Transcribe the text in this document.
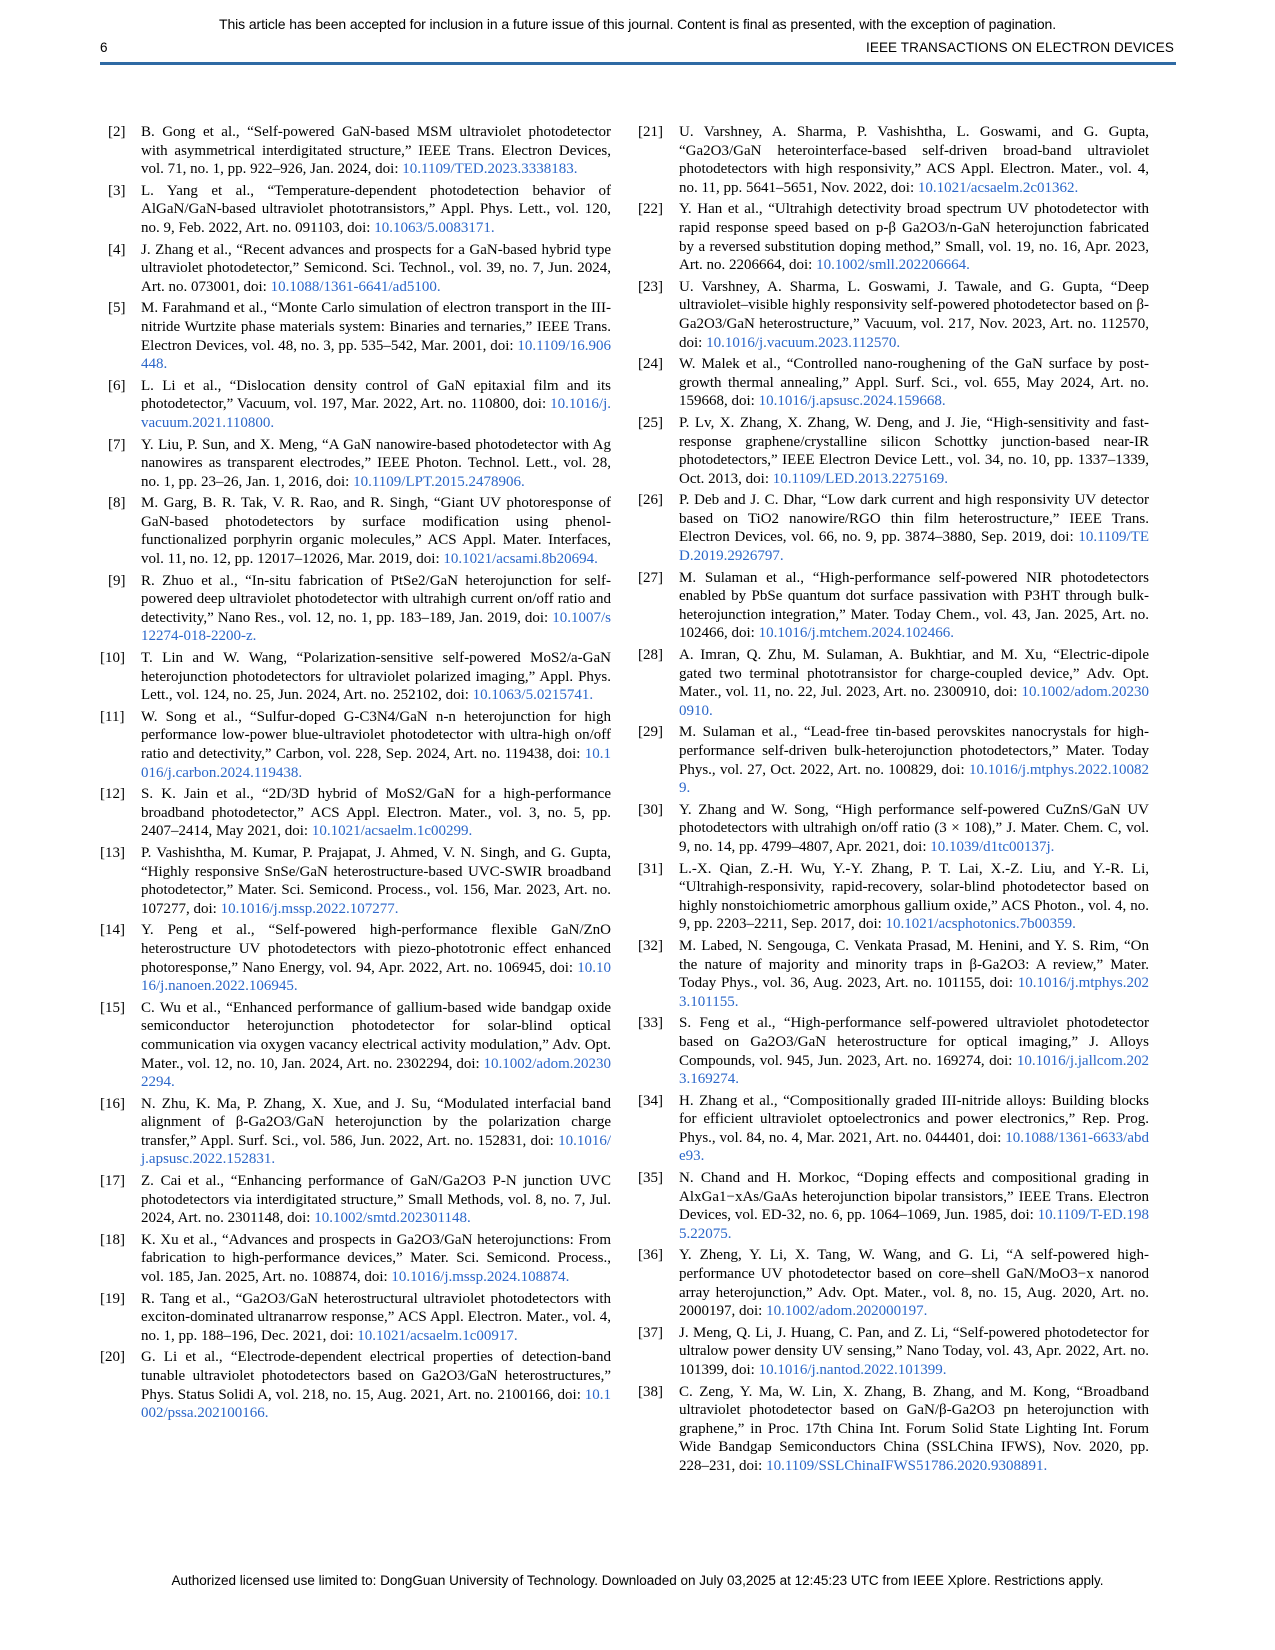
This article has been accepted for inclusion in a future issue of this journal. Content is final as presented, with the exception of pagination.
6	IEEE TRANSACTIONS ON ELECTRON DEVICES
[2] B. Gong et al., “Self-powered GaN-based MSM ultraviolet photodetector with asymmetrical interdigitated structure,” IEEE Trans. Electron Devices, vol. 71, no. 1, pp. 922–926, Jan. 2024, doi: 10.1109/TED.2023.3338183.
[3] L. Yang et al., “Temperature-dependent photodetection behavior of AlGaN/GaN-based ultraviolet phototransistors,” Appl. Phys. Lett., vol. 120, no. 9, Feb. 2022, Art. no. 091103, doi: 10.1063/5.0083171.
[4] J. Zhang et al., “Recent advances and prospects for a GaN-based hybrid type ultraviolet photodetector,” Semicond. Sci. Technol., vol. 39, no. 7, Jun. 2024, Art. no. 073001, doi: 10.1088/1361-6641/ad5100.
[5] M. Farahmand et al., “Monte Carlo simulation of electron transport in the III-nitride Wurtzite phase materials system: Binaries and ternaries,” IEEE Trans. Electron Devices, vol. 48, no. 3, pp. 535–542, Mar. 2001, doi: 10.1109/16.906448.
[6] L. Li et al., “Dislocation density control of GaN epitaxial film and its photodetector,” Vacuum, vol. 197, Mar. 2022, Art. no. 110800, doi: 10.1016/j.vacuum.2021.110800.
[7] Y. Liu, P. Sun, and X. Meng, “A GaN nanowire-based photodetector with Ag nanowires as transparent electrodes,” IEEE Photon. Technol. Lett., vol. 28, no. 1, pp. 23–26, Jan. 1, 2016, doi: 10.1109/LPT.2015.2478906.
[8] M. Garg, B. R. Tak, V. R. Rao, and R. Singh, “Giant UV photoresponse of GaN-based photodetectors by surface modification using phenol-functionalized porphyrin organic molecules,” ACS Appl. Mater. Interfaces, vol. 11, no. 12, pp. 12017–12026, Mar. 2019, doi: 10.1021/acsami.8b20694.
[9] R. Zhuo et al., “In-situ fabrication of PtSe2/GaN heterojunction for self-powered deep ultraviolet photodetector with ultrahigh current on/off ratio and detectivity,” Nano Res., vol. 12, no. 1, pp. 183–189, Jan. 2019, doi: 10.1007/s12274-018-2200-z.
[10] T. Lin and W. Wang, “Polarization-sensitive self-powered MoS2/a-GaN heterojunction photodetectors for ultraviolet polarized imaging,” Appl. Phys. Lett., vol. 124, no. 25, Jun. 2024, Art. no. 252102, doi: 10.1063/5.0215741.
[11] W. Song et al., “Sulfur-doped G-C3N4/GaN n-n heterojunction for high performance low-power blue-ultraviolet photodetector with ultra-high on/off ratio and detectivity,” Carbon, vol. 228, Sep. 2024, Art. no. 119438, doi: 10.1016/j.carbon.2024.119438.
[12] S. K. Jain et al., “2D/3D hybrid of MoS2/GaN for a high-performance broadband photodetector,” ACS Appl. Electron. Mater., vol. 3, no. 5, pp. 2407–2414, May 2021, doi: 10.1021/acsaelm.1c00299.
[13] P. Vashishtha, M. Kumar, P. Prajapat, J. Ahmed, V. N. Singh, and G. Gupta, “Highly responsive SnSe/GaN heterostructure-based UVC-SWIR broadband photodetector,” Mater. Sci. Semicond. Process., vol. 156, Mar. 2023, Art. no. 107277, doi: 10.1016/j.mssp.2022.107277.
[14] Y. Peng et al., “Self-powered high-performance flexible GaN/ZnO heterostructure UV photodetectors with piezo-phototronic effect enhanced photoresponse,” Nano Energy, vol. 94, Apr. 2022, Art. no. 106945, doi: 10.1016/j.nanoen.2022.106945.
[15] C. Wu et al., “Enhanced performance of gallium-based wide bandgap oxide semiconductor heterojunction photodetector for solar-blind optical communication via oxygen vacancy electrical activity modulation,” Adv. Opt. Mater., vol. 12, no. 10, Jan. 2024, Art. no. 2302294, doi: 10.1002/adom.202302294.
[16] N. Zhu, K. Ma, P. Zhang, X. Xue, and J. Su, “Modulated interfacial band alignment of β-Ga2O3/GaN heterojunction by the polarization charge transfer,” Appl. Surf. Sci., vol. 586, Jun. 2022, Art. no. 152831, doi: 10.1016/j.apsusc.2022.152831.
[17] Z. Cai et al., “Enhancing performance of GaN/Ga2O3 P-N junction UVC photodetectors via interdigitated structure,” Small Methods, vol. 8, no. 7, Jul. 2024, Art. no. 2301148, doi: 10.1002/smtd.202301148.
[18] K. Xu et al., “Advances and prospects in Ga2O3/GaN heterojunctions: From fabrication to high-performance devices,” Mater. Sci. Semicond. Process., vol. 185, Jan. 2025, Art. no. 108874, doi: 10.1016/j.mssp.2024.108874.
[19] R. Tang et al., “Ga2O3/GaN heterostructural ultraviolet photodetectors with exciton-dominated ultranarrow response,” ACS Appl. Electron. Mater., vol. 4, no. 1, pp. 188–196, Dec. 2021, doi: 10.1021/acsaelm.1c00917.
[20] G. Li et al., “Electrode-dependent electrical properties of detection-band tunable ultraviolet photodetectors based on Ga2O3/GaN heterostructures,” Phys. Status Solidi A, vol. 218, no. 15, Aug. 2021, Art. no. 2100166, doi: 10.1002/pssa.202100166.
[21] U. Varshney, A. Sharma, P. Vashishtha, L. Goswami, and G. Gupta, “Ga2O3/GaN heterointerface-based self-driven broad-band ultraviolet photodetectors with high responsivity,” ACS Appl. Electron. Mater., vol. 4, no. 11, pp. 5641–5651, Nov. 2022, doi: 10.1021/acsaelm.2c01362.
[22] Y. Han et al., “Ultrahigh detectivity broad spectrum UV photodetector with rapid response speed based on p-β Ga2O3/n-GaN heterojunction fabricated by a reversed substitution doping method,” Small, vol. 19, no. 16, Apr. 2023, Art. no. 2206664, doi: 10.1002/smll.202206664.
[23] U. Varshney, A. Sharma, L. Goswami, J. Tawale, and G. Gupta, “Deep ultraviolet–visible highly responsivity self-powered photodetector based on β-Ga2O3/GaN heterostructure,” Vacuum, vol. 217, Nov. 2023, Art. no. 112570, doi: 10.1016/j.vacuum.2023.112570.
[24] W. Malek et al., “Controlled nano-roughening of the GaN surface by post-growth thermal annealing,” Appl. Surf. Sci., vol. 655, May 2024, Art. no. 159668, doi: 10.1016/j.apsusc.2024.159668.
[25] P. Lv, X. Zhang, X. Zhang, W. Deng, and J. Jie, “High-sensitivity and fast-response graphene/crystalline silicon Schottky junction-based near-IR photodetectors,” IEEE Electron Device Lett., vol. 34, no. 10, pp. 1337–1339, Oct. 2013, doi: 10.1109/LED.2013.2275169.
[26] P. Deb and J. C. Dhar, “Low dark current and high responsivity UV detector based on TiO2 nanowire/RGO thin film heterostructure,” IEEE Trans. Electron Devices, vol. 66, no. 9, pp. 3874–3880, Sep. 2019, doi: 10.1109/TED.2019.2926797.
[27] M. Sulaman et al., “High-performance self-powered NIR photodetectors enabled by PbSe quantum dot surface passivation with P3HT through bulk-heterojunction integration,” Mater. Today Chem., vol. 43, Jan. 2025, Art. no. 102466, doi: 10.1016/j.mtchem.2024.102466.
[28] A. Imran, Q. Zhu, M. Sulaman, A. Bukhtiar, and M. Xu, “Electric-dipole gated two terminal phototransistor for charge-coupled device,” Adv. Opt. Mater., vol. 11, no. 22, Jul. 2023, Art. no. 2300910, doi: 10.1002/adom.202300910.
[29] M. Sulaman et al., “Lead-free tin-based perovskites nanocrystals for high-performance self-driven bulk-heterojunction photodetectors,” Mater. Today Phys., vol. 27, Oct. 2022, Art. no. 100829, doi: 10.1016/j.mtphys.2022.100829.
[30] Y. Zhang and W. Song, “High performance self-powered CuZnS/GaN UV photodetectors with ultrahigh on/off ratio (3 × 108),” J. Mater. Chem. C, vol. 9, no. 14, pp. 4799–4807, Apr. 2021, doi: 10.1039/d1tc00137j.
[31] L.-X. Qian, Z.-H. Wu, Y.-Y. Zhang, P. T. Lai, X.-Z. Liu, and Y.-R. Li, “Ultrahigh-responsivity, rapid-recovery, solar-blind photodetector based on highly nonstoichiometric amorphous gallium oxide,” ACS Photon., vol. 4, no. 9, pp. 2203–2211, Sep. 2017, doi: 10.1021/acsphotonics.7b00359.
[32] M. Labed, N. Sengouga, C. Venkata Prasad, M. Henini, and Y. S. Rim, “On the nature of majority and minority traps in β-Ga2O3: A review,” Mater. Today Phys., vol. 36, Aug. 2023, Art. no. 101155, doi: 10.1016/j.mtphys.2023.101155.
[33] S. Feng et al., “High-performance self-powered ultraviolet photodetector based on Ga2O3/GaN heterostructure for optical imaging,” J. Alloys Compounds, vol. 945, Jun. 2023, Art. no. 169274, doi: 10.1016/j.jallcom.2023.169274.
[34] H. Zhang et al., “Compositionally graded III-nitride alloys: Building blocks for efficient ultraviolet optoelectronics and power electronics,” Rep. Prog. Phys., vol. 84, no. 4, Mar. 2021, Art. no. 044401, doi: 10.1088/1361-6633/abde93.
[35] N. Chand and H. Morkoc, “Doping effects and compositional grading in AlxGa1−xAs/GaAs heterojunction bipolar transistors,” IEEE Trans. Electron Devices, vol. ED-32, no. 6, pp. 1064–1069, Jun. 1985, doi: 10.1109/T-ED.1985.22075.
[36] Y. Zheng, Y. Li, X. Tang, W. Wang, and G. Li, “A self-powered high-performance UV photodetector based on core–shell GaN/MoO3−x nanorod array heterojunction,” Adv. Opt. Mater., vol. 8, no. 15, Aug. 2020, Art. no. 2000197, doi: 10.1002/adom.202000197.
[37] J. Meng, Q. Li, J. Huang, C. Pan, and Z. Li, “Self-powered photodetector for ultralow power density UV sensing,” Nano Today, vol. 43, Apr. 2022, Art. no. 101399, doi: 10.1016/j.nantod.2022.101399.
[38] C. Zeng, Y. Ma, W. Lin, X. Zhang, B. Zhang, and M. Kong, “Broadband ultraviolet photodetector based on GaN/β-Ga2O3 pn heterojunction with graphene,” in Proc. 17th China Int. Forum Solid State Lighting Int. Forum Wide Bandgap Semiconductors China (SSLChina IFWS), Nov. 2020, pp. 228–231, doi: 10.1109/SSLChinaIFWS51786.2020.9308891.
Authorized licensed use limited to: DongGuan University of Technology. Downloaded on July 03,2025 at 12:45:23 UTC from IEEE Xplore. Restrictions apply.
